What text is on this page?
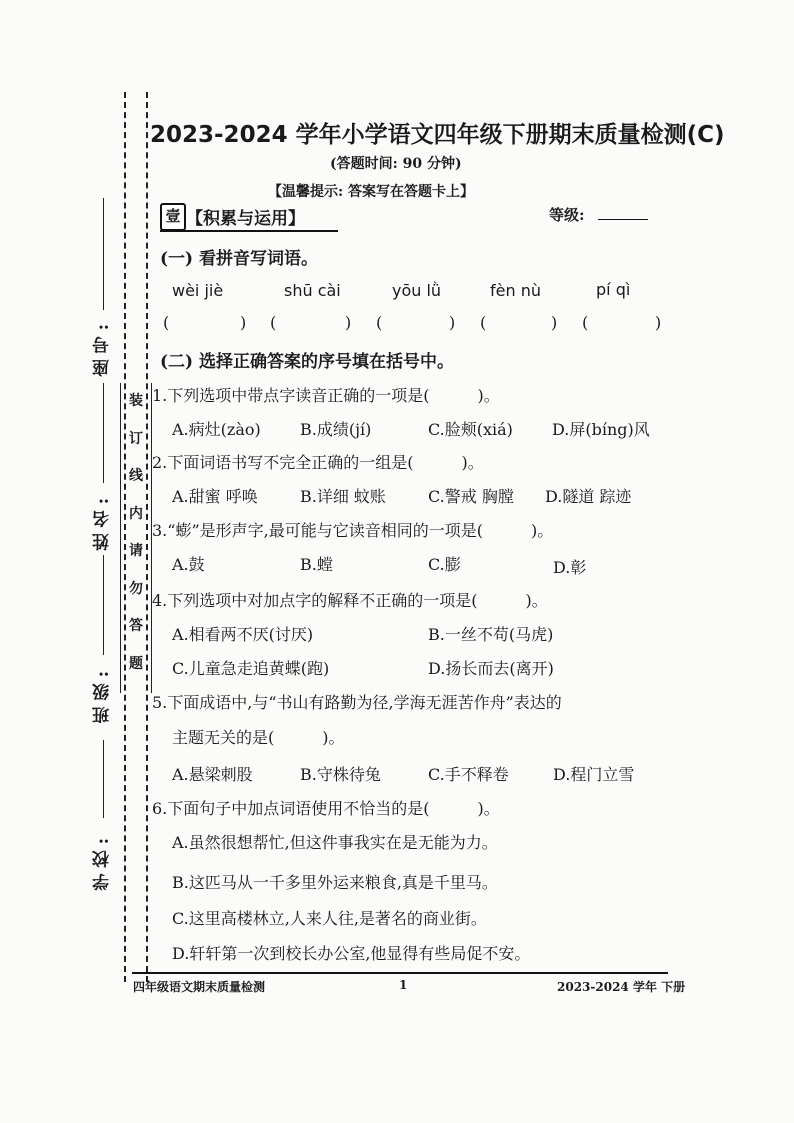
装
订
线
内
请
勿
答
题
座号:
姓名:
班级:
学校:
2023-2024 学年小学语文四年级下册期末质量检测(C)
(答题时间: 90 分钟)
【温馨提示: 答案写在答题卡上】
壹 【积累与运用】	等级:
(一) 看拼音写词语。
wèi jiè	shū cài	yōu lǜ	fèn nù	pí qì
(	) (	) (	) (	) (	)
(二) 选择正确答案的序号填在括号中。
1.下列选项中带点字读音正确的一项是(　　　)。
A.病灶(zào) B.成绩(jí)	C.脸颊(xiá) D.屏(bíng)风
2.下面词语书写不完全正确的一组是(　　　)。
A.甜蜜 呼唤	B.详细 蚊账	C.警戒 胸膛 D.隧道 踪迹
3.“蟛”是形声字,最可能与它读音相同的一项是(　　　)。
A.鼓	B.螳	C.膨	D.彰
4.下列选项中对加点字的解释不正确的一项是(　　　)。
A.相看两不厌(讨厌)	B.一丝不苟(马虎)
C.儿童急走追黄蝶(跑)	D.扬长而去(离开)
5.下面成语中,与“书山有路勤为径,学海无涯苦作舟”表达的
主题无关的是(　　　)。
A.悬梁刺股	B.守株待兔	C.手不释卷	D.程门立雪
6.下面句子中加点词语使用不恰当的是(　　　)。
A.虽然很想帮忙,但这件事我实在是无能为力。
B.这匹马从一千多里外运来粮食,真是千里马。
C.这里高楼林立,人来人往,是著名的商业街。
D.轩轩第一次到校长办公室,他显得有些局促不安。
四年级语文期末质量检测	1	2023-2024 学年 下册
